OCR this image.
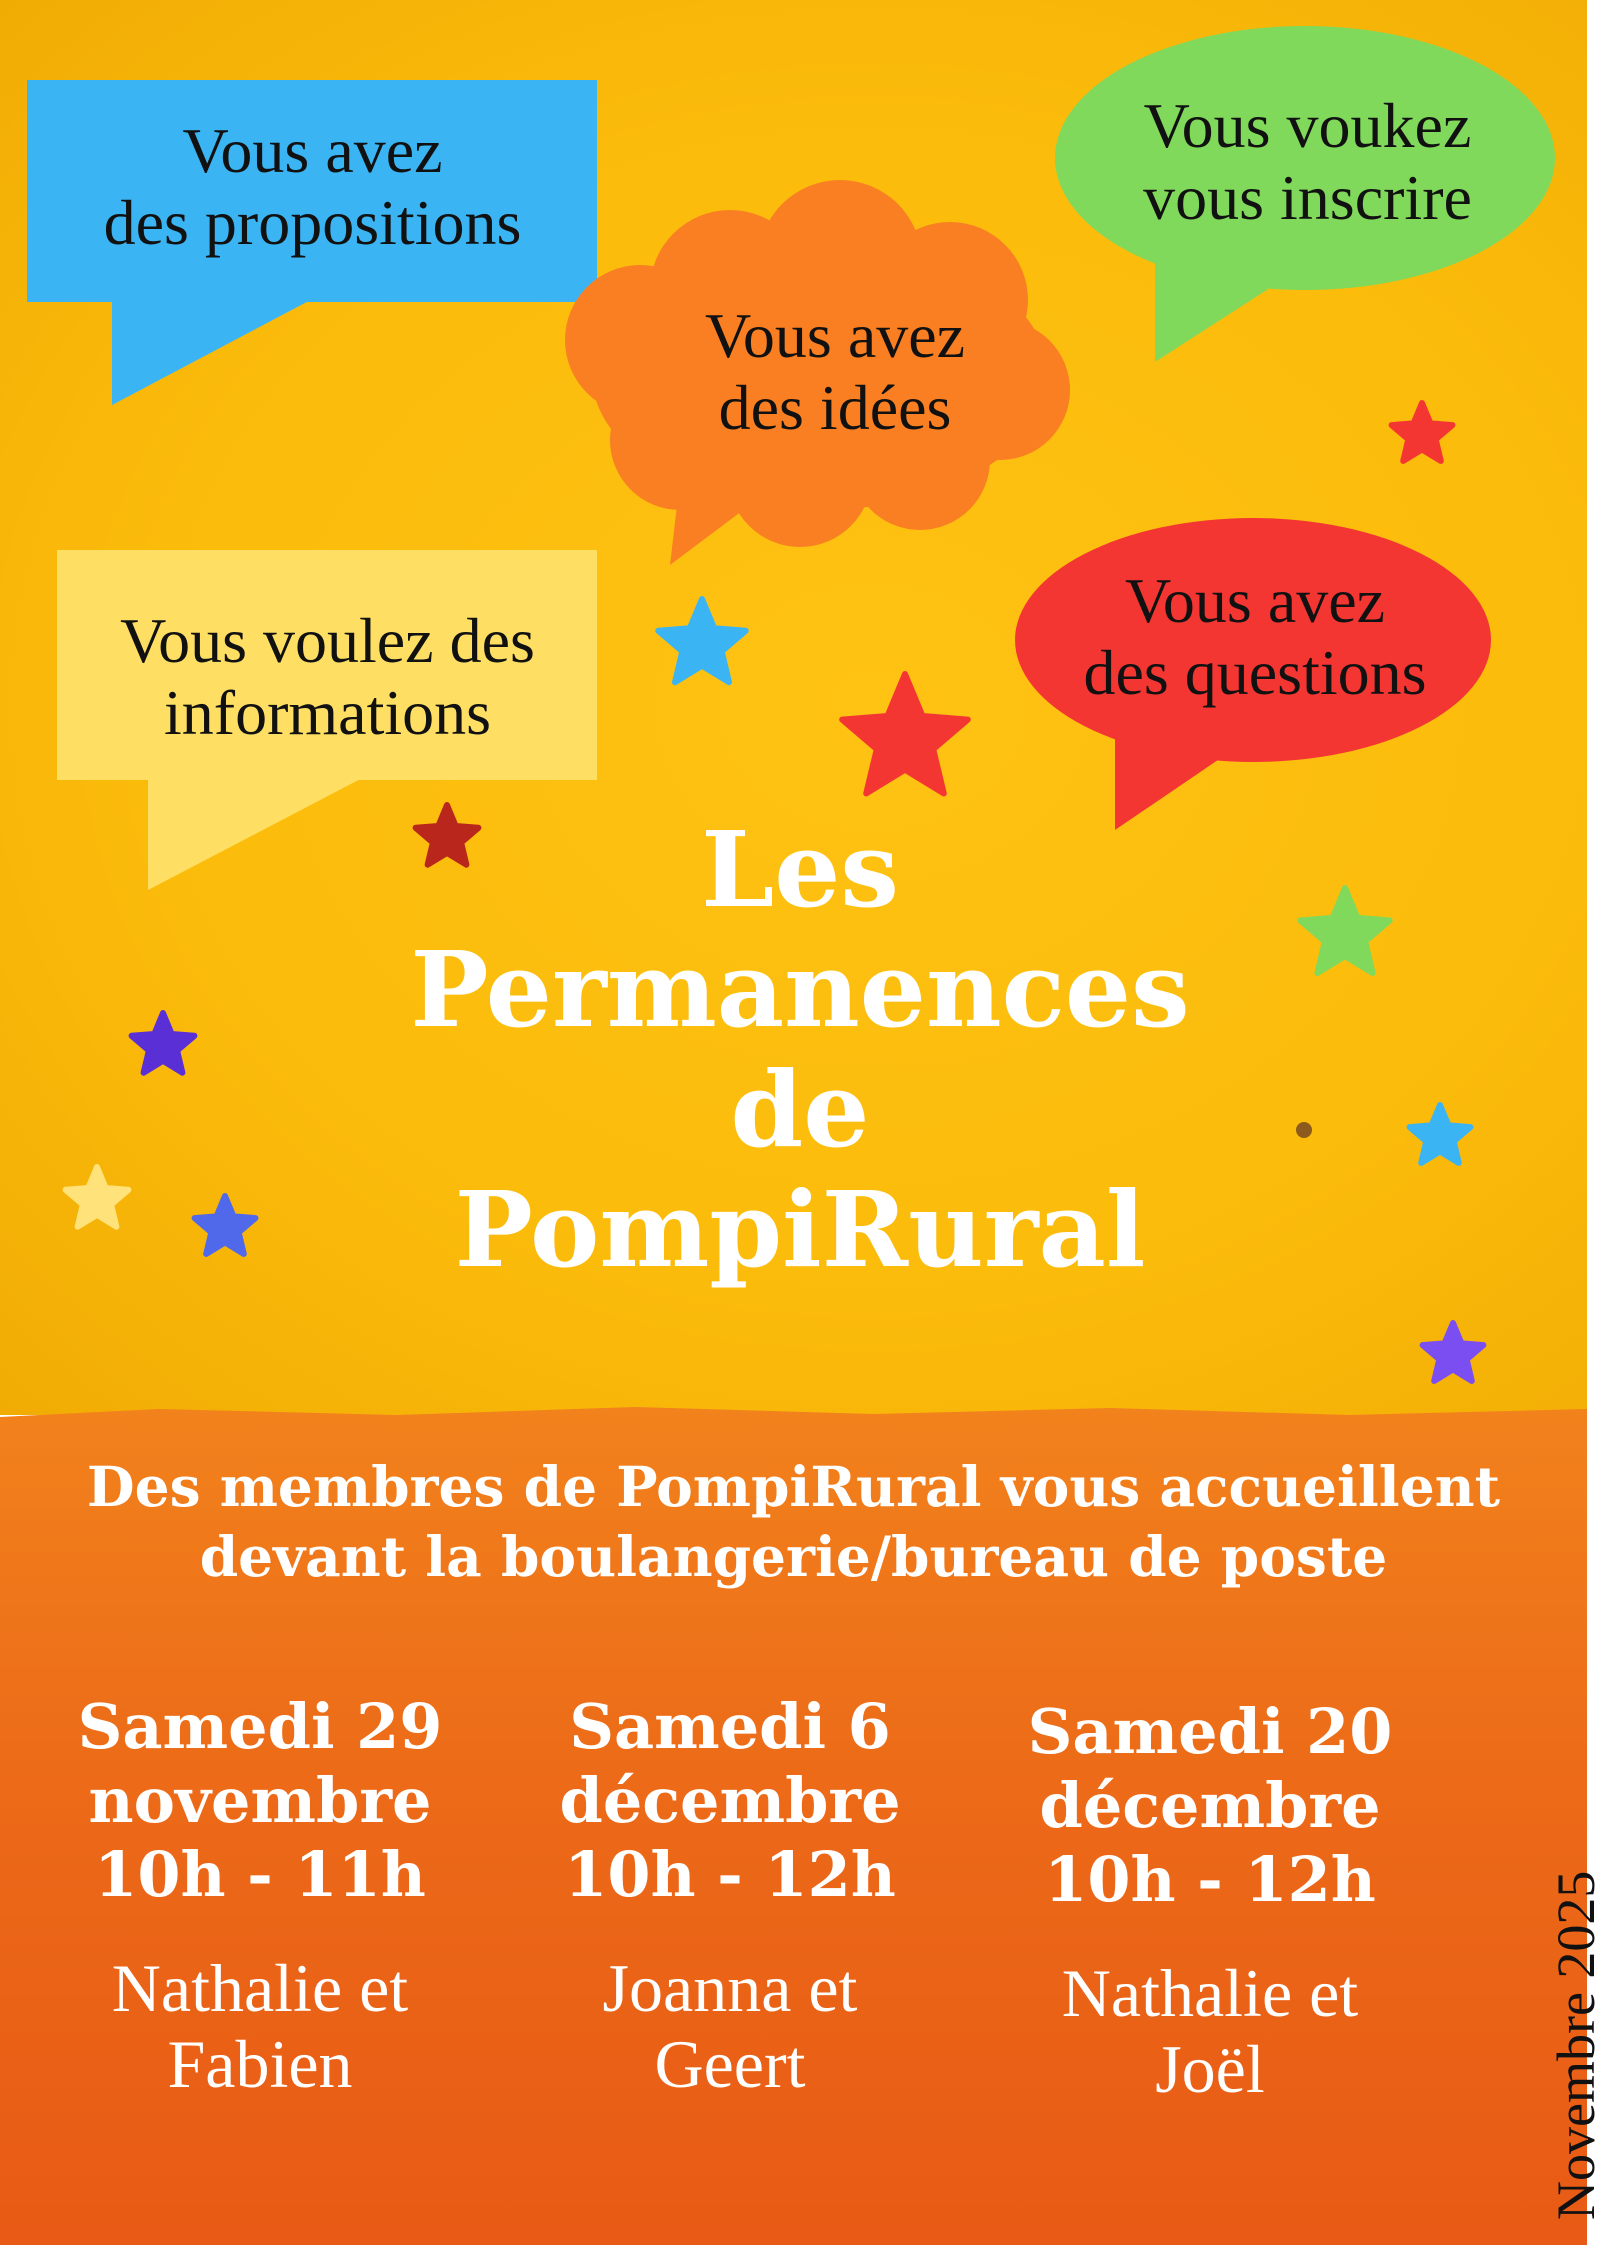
Vous avez
des propositions
Vous voukez
vous inscrire
Vous avez
des idées
Vous voulez des
informations
Vous avez
des questions
Les
Permanences
de
PompiRural
Des membres de PompiRural vous accueillent
devant la boulangerie/bureau de poste
Samedi 29
novembre
10h - 11h
Nathalie et
Fabien
Samedi 6
décembre
10h - 12h
Joanna et
Geert
Samedi 20
décembre
10h - 12h
Nathalie et
Joël	Novembre 2025
